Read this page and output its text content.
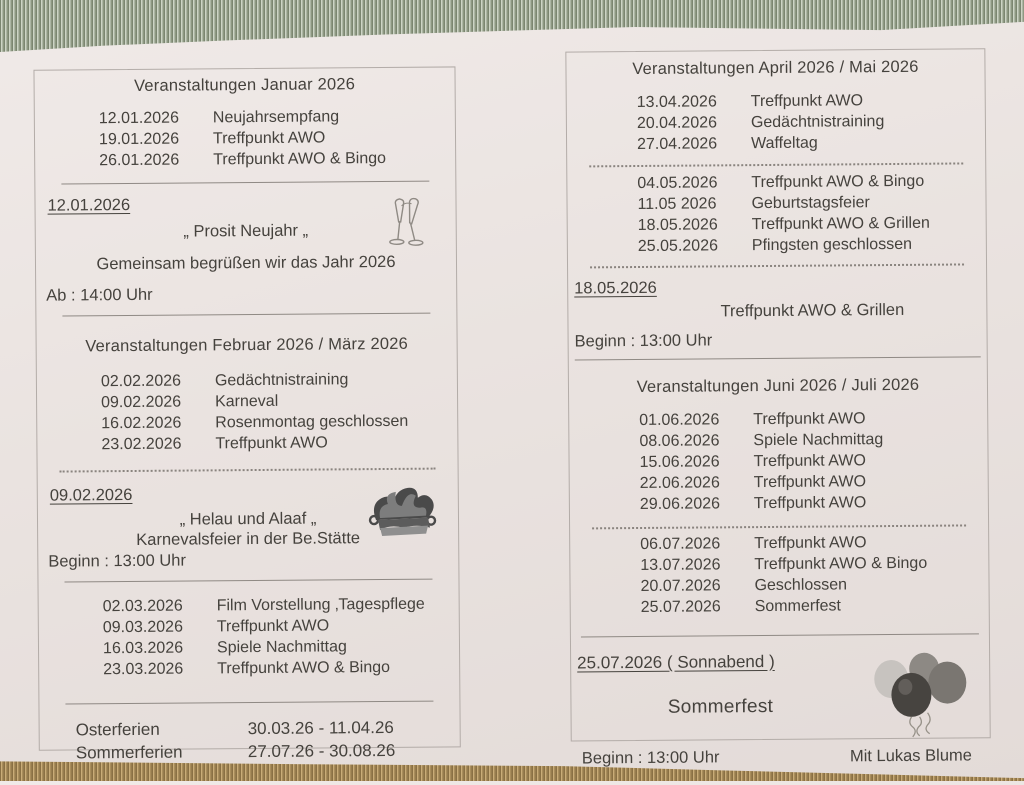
Veranstaltungen Januar 2026
12.01.2026	Neujahrsempfang
19.01.2026	Treffpunkt AWO
26.01.2026	Treffpunkt AWO & Bingo
12.01.2026
„ Prosit Neujahr „
Gemeinsam begrüßen wir das Jahr 2026
Ab : 14:00 Uhr
Veranstaltungen Februar 2026 / März 2026
02.02.2026	Gedächtnistraining
09.02.2026	Karneval
16.02.2026	Rosenmontag geschlossen
23.02.2026	Treffpunkt AWO
09.02.2026
„ Helau und Alaaf „
Karnevalsfeier in der Be.Stätte
Beginn : 13:00 Uhr
02.03.2026	Film Vorstellung ‚Tagespflege
09.03.2026	Treffpunkt AWO
16.03.2026	Spiele Nachmittag
23.03.2026	Treffpunkt AWO & Bingo
Osterferien	30.03.26 - 11.04.26
Sommerferien	27.07.26 - 30.08.26
Veranstaltungen April 2026 / Mai 2026
13.04.2026	Treffpunkt AWO
20.04.2026	Gedächtnistraining
27.04.2026	Waffeltag
04.05.2026	Treffpunkt AWO & Bingo
11.05 2026	Geburtstagsfeier
18.05.2026	Treffpunkt AWO & Grillen
25.05.2026	Pfingsten geschlossen
18.05.2026
Treffpunkt AWO & Grillen
Beginn : 13:00 Uhr
Veranstaltungen Juni 2026 / Juli 2026
01.06.2026	Treffpunkt AWO
08.06.2026	Spiele Nachmittag
15.06.2026	Treffpunkt AWO
22.06.2026	Treffpunkt AWO
29.06.2026	Treffpunkt AWO
06.07.2026	Treffpunkt AWO
13.07.2026	Treffpunkt AWO & Bingo
20.07.2026	Geschlossen
25.07.2026	Sommerfest
25.07.2026 ( Sonnabend )
Sommerfest
Beginn : 13:00 Uhr	Mit Lukas Blume
